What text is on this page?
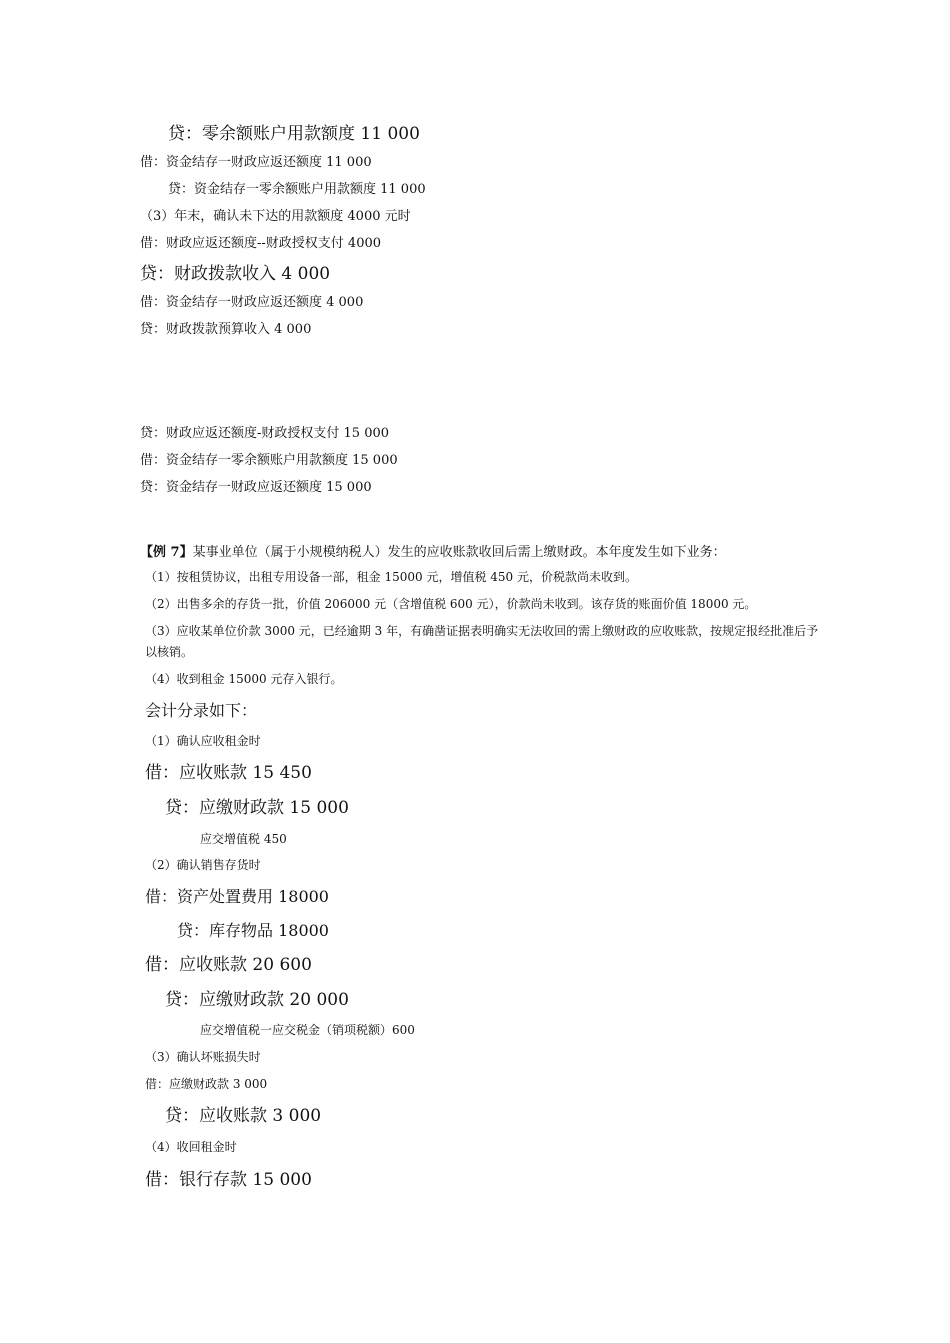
贷：零余额账户用款额度 11 000
借：资金结存一财政应返还额度 11 000
贷：资金结存一零余额账户用款额度 11 000
（3）年末，确认未下达的用款额度 4000 元时
借：财政应返还额度--财政授权支付 4000
贷：财政拨款收入 4 000
借：资金结存一财政应返还额度 4 000
贷：财政拨款预算收入 4 000
贷：财政应返还额度-财政授权支付 15 000
借：资金结存一零余额账户用款额度 15 000
贷：资金结存一财政应返还额度 15 000
【例 7】某事业单位（属于小规模纳税人）发生的应收账款收回后需上缴财政。本年度发生如下业务：
（1）按租赁协议，出租专用设备一部，租金 15000 元，增值税 450 元，价税款尚未收到。
（2）出售多余的存货一批，价值 206000 元（含增值税 600 元），价款尚未收到。该存货的账面价值 18000 元。
（3）应收某单位价款 3000 元，已经逾期 3 年，有确凿证据表明确实无法收回的需上缴财政的应收账款，按规定报经批准后予
以核销。
（4）收到租金 15000 元存入银行。
会计分录如下：
（1）确认应收租金时
借：应收账款 15 450
贷：应缴财政款 15 000
应交增值税 450
（2）确认销售存货时
借：资产处置费用 18000
贷：库存物品 18000
借：应收账款 20 600
贷：应缴财政款 20 000
应交增值税一应交税金（销项税额）600
（3）确认坏账损失时
借：应缴财政款 3 000
贷：应收账款 3 000
（4）收回租金时
借：银行存款 15 000
